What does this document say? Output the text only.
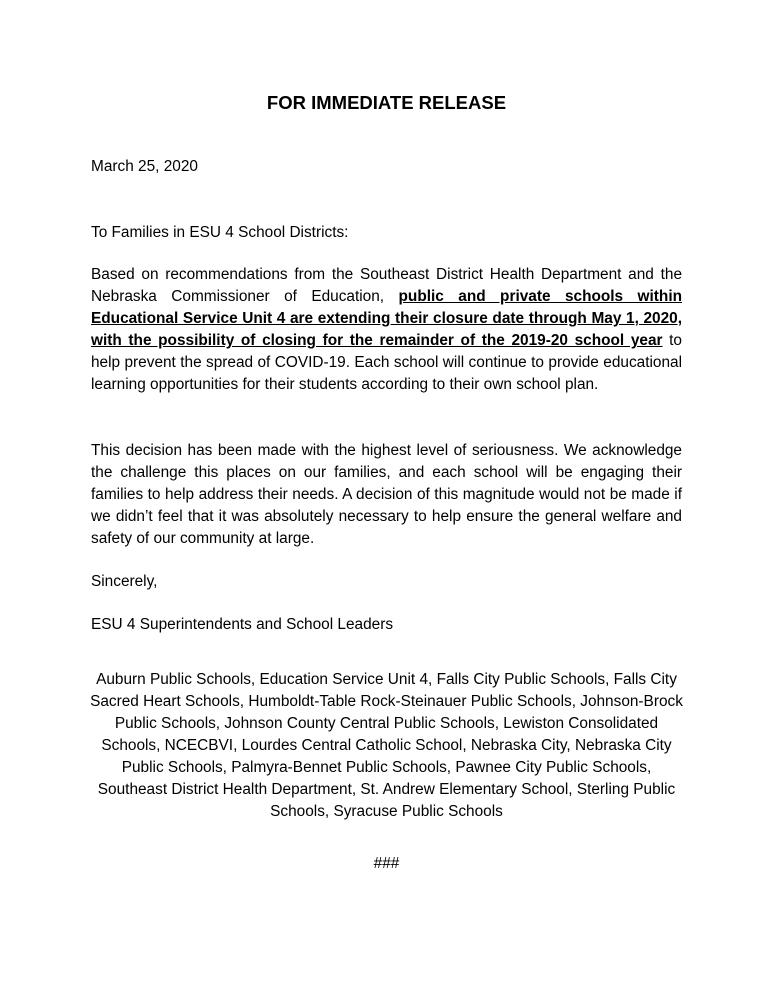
FOR IMMEDIATE RELEASE
March 25, 2020
To Families in ESU 4 School Districts:
Based on recommendations from the Southeast District Health Department and the Nebraska Commissioner of Education, public and private schools within Educational Service Unit 4 are extending their closure date through May 1, 2020, with the possibility of closing for the remainder of the 2019-20 school year to help prevent the spread of COVID-19. Each school will continue to provide educational learning opportunities for their students according to their own school plan.
This decision has been made with the highest level of seriousness. We acknowledge the challenge this places on our families, and each school will be engaging their families to help address their needs. A decision of this magnitude would not be made if we didn’t feel that it was absolutely necessary to help ensure the general welfare and safety of our community at large.
Sincerely,
ESU 4 Superintendents and School Leaders
Auburn Public Schools, Education Service Unit 4, Falls City Public Schools, Falls City Sacred Heart Schools, Humboldt-Table Rock-Steinauer Public Schools, Johnson-Brock Public Schools, Johnson County Central Public Schools, Lewiston Consolidated Schools, NCECBVI, Lourdes Central Catholic School, Nebraska City, Nebraska City Public Schools, Palmyra-Bennet Public Schools, Pawnee City Public Schools, Southeast District Health Department, St. Andrew Elementary School, Sterling Public Schools, Syracuse Public Schools
###
